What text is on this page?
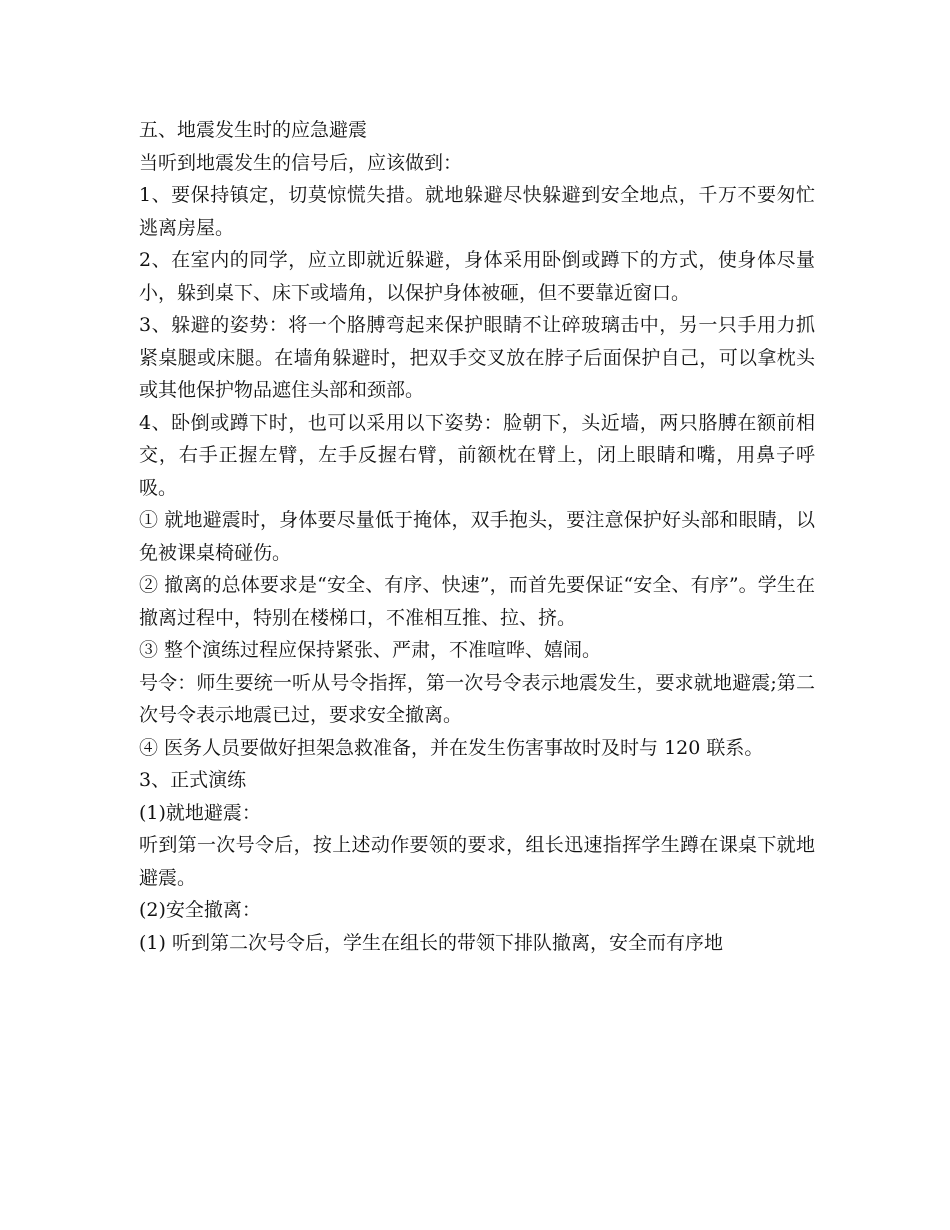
五、地震发生时的应急避震

当听到地震发生的信号后，应该做到：

1、要保持镇定，切莫惊慌失措。就地躲避尽快躲避到安全地点，千万不要匆忙逃离房屋。

2、在室内的同学，应立即就近躲避，身体采用卧倒或蹲下的方式，使身体尽量小，躲到桌下、床下或墙角，以保护身体被砸，但不要靠近窗口。

3、躲避的姿势：将一个胳膊弯起来保护眼睛不让碎玻璃击中，另一只手用力抓紧桌腿或床腿。在墙角躲避时，把双手交叉放在脖子后面保护自己，可以拿枕头或其他保护物品遮住头部和颈部。

4、卧倒或蹲下时，也可以采用以下姿势：脸朝下，头近墙，两只胳膊在额前相交，右手正握左臂，左手反握右臂，前额枕在臂上，闭上眼睛和嘴，用鼻子呼吸。

① 就地避震时，身体要尽量低于掩体，双手抱头，要注意保护好头部和眼睛，以免被课桌椅碰伤。

② 撤离的总体要求是“安全、有序、快速”，而首先要保证“安全、有序”。学生在撤离过程中，特别在楼梯口，不准相互推、拉、挤。

③ 整个演练过程应保持紧张、严肃，不准喧哗、嬉闹。

号令：师生要统一听从号令指挥，第一次号令表示地震发生，要求就地避震;第二次号令表示地震已过，要求安全撤离。

④ 医务人员要做好担架急救准备，并在发生伤害事故时及时与 120 联系。

3、正式演练

(1)就地避震：

听到第一次号令后，按上述动作要领的要求，组长迅速指挥学生蹲在课桌下就地避震。

(2)安全撤离：

(1) 听到第二次号令后，学生在组长的带领下排队撤离，安全而有序地
